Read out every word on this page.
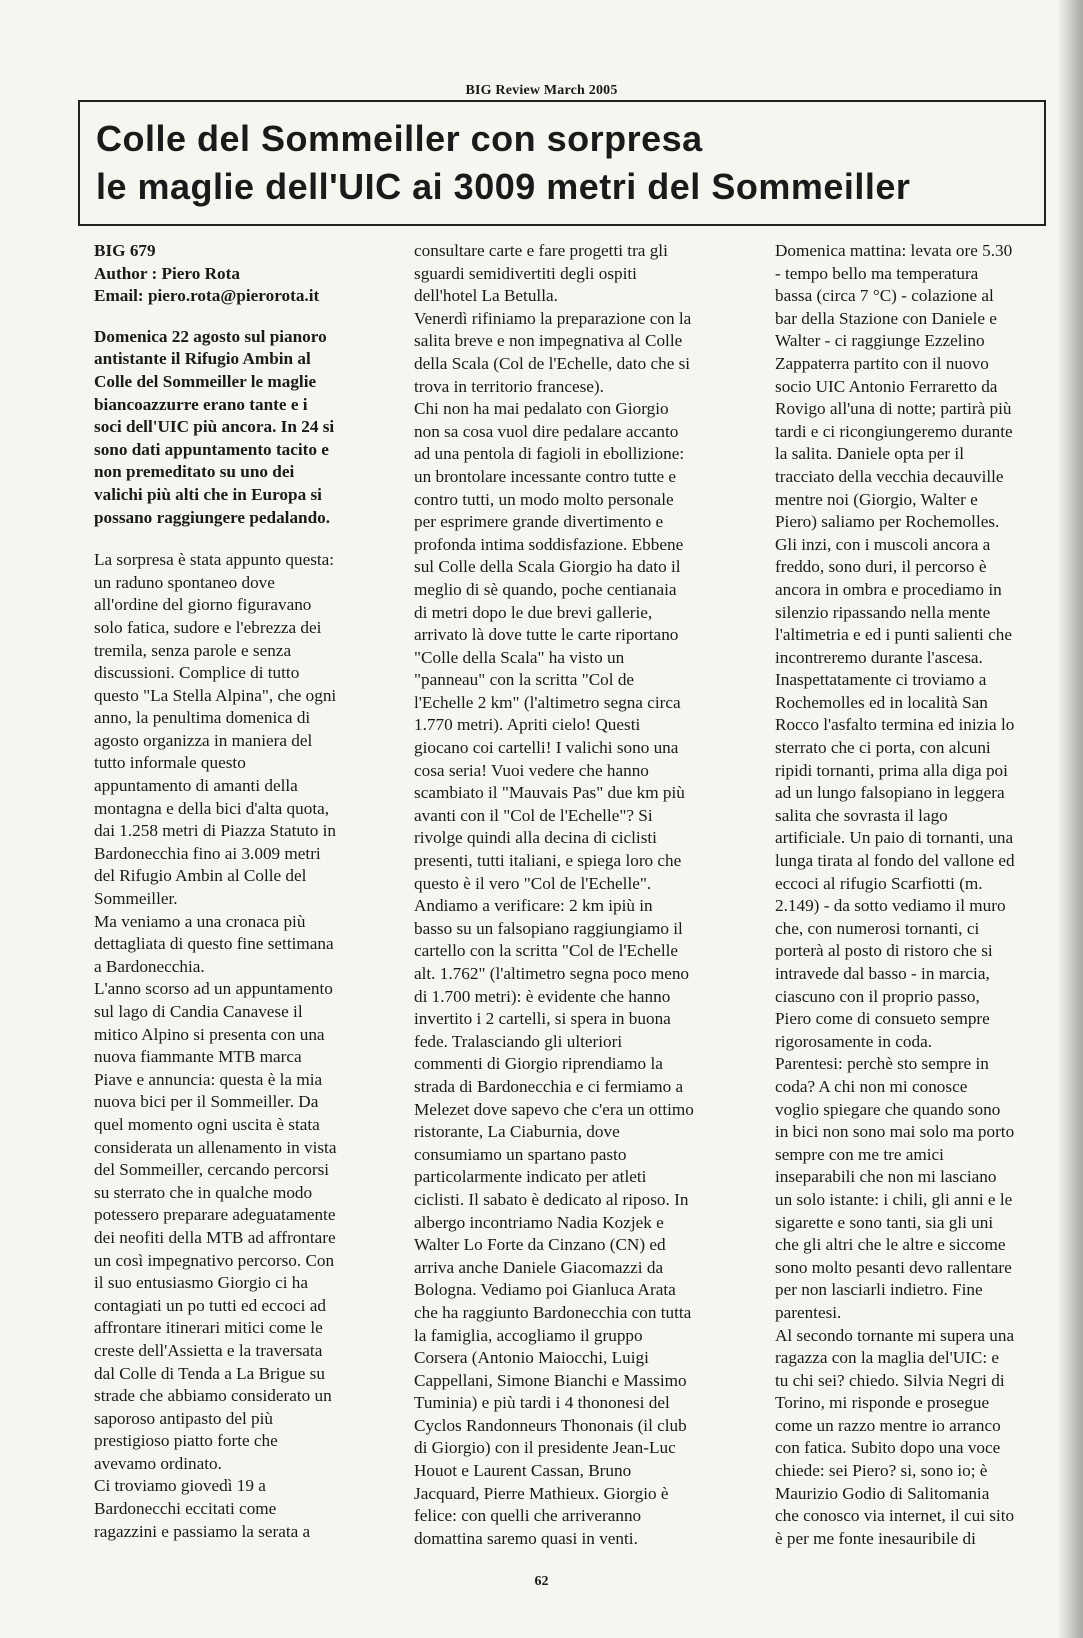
BIG Review March 2005
Colle del Sommeiller con sorpresa
le maglie dell'UIC ai 3009 metri del Sommeiller

BIG 679

Author : Piero Rota

Email: piero.rota@pierorota.it

Domenica 22 agosto sul pianoro
antistante il Rifugio Ambin al
Colle del Sommeiller le maglie
biancoazzurre erano tante e i
soci dell'UIC più ancora. In 24 si
sono dati appuntamento tacito e
non premeditato su uno dei
valichi più alti che in Europa si
possano raggiungere pedalando.

La sorpresa è stata appunto questa:
un raduno spontaneo dove
all'ordine del giorno figuravano
solo fatica, sudore e l'ebrezza dei
tremila, senza parole e senza
discussioni. Complice di tutto
questo "La Stella Alpina", che ogni
anno, la penultima domenica di
agosto organizza in maniera del
tutto informale questo
appuntamento di amanti della
montagna e della bici d'alta quota,
dai 1.258 metri di Piazza Statuto in
Bardonecchia fino ai 3.009 metri
del Rifugio Ambin al Colle del
Sommeiller.
Ma veniamo a una cronaca più
dettagliata di questo fine settimana
a Bardonecchia.
L'anno scorso ad un appuntamento
sul lago di Candia Canavese il
mitico Alpino si presenta con una
nuova fiammante MTB marca
Piave e annuncia: questa è la mia
nuova bici per il Sommeiller. Da
quel momento ogni uscita è stata
considerata un allenamento in vista
del Sommeiller, cercando percorsi
su sterrato che in qualche modo
potessero preparare adeguatamente
dei neofiti della MTB ad affrontare
un così impegnativo percorso. Con
il suo entusiasmo Giorgio ci ha
contagiati un po tutti ed eccoci ad
affrontare itinerari mitici come le
creste dell'Assietta e la traversata
dal Colle di Tenda a La Brigue su
strade che abbiamo considerato un
saporoso antipasto del più
prestigioso piatto forte che
avevamo ordinato.
Ci troviamo giovedì 19 a
Bardonecchi eccitati come
ragazzini e passiamo la serata a

consultare carte e fare progetti tra gli
sguardi semidivertiti degli ospiti
dell'hotel La Betulla.
Venerdì rifiniamo la preparazione con la
salita breve e non impegnativa al Colle
della Scala (Col de l'Echelle, dato che si
trova in territorio francese).
Chi non ha mai pedalato con Giorgio
non sa cosa vuol dire pedalare accanto
ad una pentola di fagioli in ebollizione:
un brontolare incessante contro tutte e
contro tutti, un modo molto personale
per esprimere grande divertimento e
profonda intima soddisfazione. Ebbene
sul Colle della Scala Giorgio ha dato il
meglio di sè quando, poche centianaia
di metri dopo le due brevi gallerie,
arrivato là dove tutte le carte riportano
"Colle della Scala" ha visto un
"panneau" con la scritta "Col de
l'Echelle 2 km" (l'altimetro segna circa
1.770 metri). Apriti cielo! Questi
giocano coi cartelli! I valichi sono una
cosa seria! Vuoi vedere che hanno
scambiato il "Mauvais Pas" due km più
avanti con il "Col de l'Echelle"? Si
rivolge quindi alla decina di ciclisti
presenti, tutti italiani, e spiega loro che
questo è il vero "Col de l'Echelle".
Andiamo a verificare: 2 km ipiù in
basso su un falsopiano raggiungiamo il
cartello con la scritta "Col de l'Echelle
alt. 1.762" (l'altimetro segna poco meno
di 1.700 metri): è evidente che hanno
invertito i 2 cartelli, si spera in buona
fede. Tralasciando gli ulteriori
commenti di Giorgio riprendiamo la
strada di Bardonecchia e ci fermiamo a
Melezet dove sapevo che c'era un ottimo
ristorante, La Ciaburnia, dove
consumiamo un spartano pasto
particolarmente indicato per atleti
ciclisti. Il sabato è dedicato al riposo. In
albergo incontriamo Nadia Kozjek e
Walter Lo Forte da Cinzano (CN) ed
arriva anche Daniele Giacomazzi da
Bologna. Vediamo poi Gianluca Arata
che ha raggiunto Bardonecchia con tutta
la famiglia, accogliamo il gruppo
Corsera (Antonio Maiocchi, Luigi
Cappellani, Simone Bianchi e Massimo
Tuminia) e più tardi i 4 thononesi del
Cyclos Randonneurs Thononais (il club
di Giorgio) con il presidente Jean-Luc
Houot e Laurent Cassan, Bruno
Jacquard, Pierre Mathieux. Giorgio è
felice: con quelli che arriveranno
domattina saremo quasi in venti.
Domenica mattina: levata ore 5.30
- tempo bello ma temperatura
bassa (circa 7 °C) - colazione al
bar della Stazione con Daniele e
Walter - ci raggiunge Ezzelino
Zappaterra partito con il nuovo
socio UIC Antonio Ferraretto da
Rovigo all'una di notte; partirà più
tardi e ci ricongiungeremo durante
la salita. Daniele opta per il
tracciato della vecchia decauville
mentre noi (Giorgio, Walter e
Piero) saliamo per Rochemolles.
Gli inzi, con i muscoli ancora a
freddo, sono duri, il percorso è
ancora in ombra e procediamo in
silenzio ripassando nella mente
l'altimetria e ed i punti salienti che
incontreremo durante l'ascesa.
Inaspettatamente ci troviamo a
Rochemolles ed in località San
Rocco l'asfalto termina ed inizia lo
sterrato che ci porta, con alcuni
ripidi tornanti, prima alla diga poi
ad un lungo falsopiano in leggera
salita che sovrasta il lago
artificiale. Un paio di tornanti, una
lunga tirata al fondo del vallone ed
eccoci al rifugio Scarfiotti (m.
2.149) - da sotto vediamo il muro
che, con numerosi tornanti, ci
porterà al posto di ristoro che si
intravede dal basso - in marcia,
ciascuno con il proprio passo,
Piero come di consueto sempre
rigorosamente in coda.
Parentesi: perchè sto sempre in
coda? A chi non mi conosce
voglio spiegare che quando sono
in bici non sono mai solo ma porto
sempre con me tre amici
inseparabili che non mi lasciano
un solo istante: i chili, gli anni e le
sigarette e sono tanti, sia gli uni
che gli altri che le altre e siccome
sono molto pesanti devo rallentare
per non lasciarli indietro. Fine
parentesi.
Al secondo tornante mi supera una
ragazza con la maglia del'UIC: e
tu chi sei? chiedo. Silvia Negri di
Torino, mi risponde e prosegue
come un razzo mentre io arranco
con fatica. Subito dopo una voce
chiede: sei Piero? si, sono io; è
Maurizio Godio di Salitomania
che conosco via internet, il cui sito
è per me fonte inesauribile di
62
